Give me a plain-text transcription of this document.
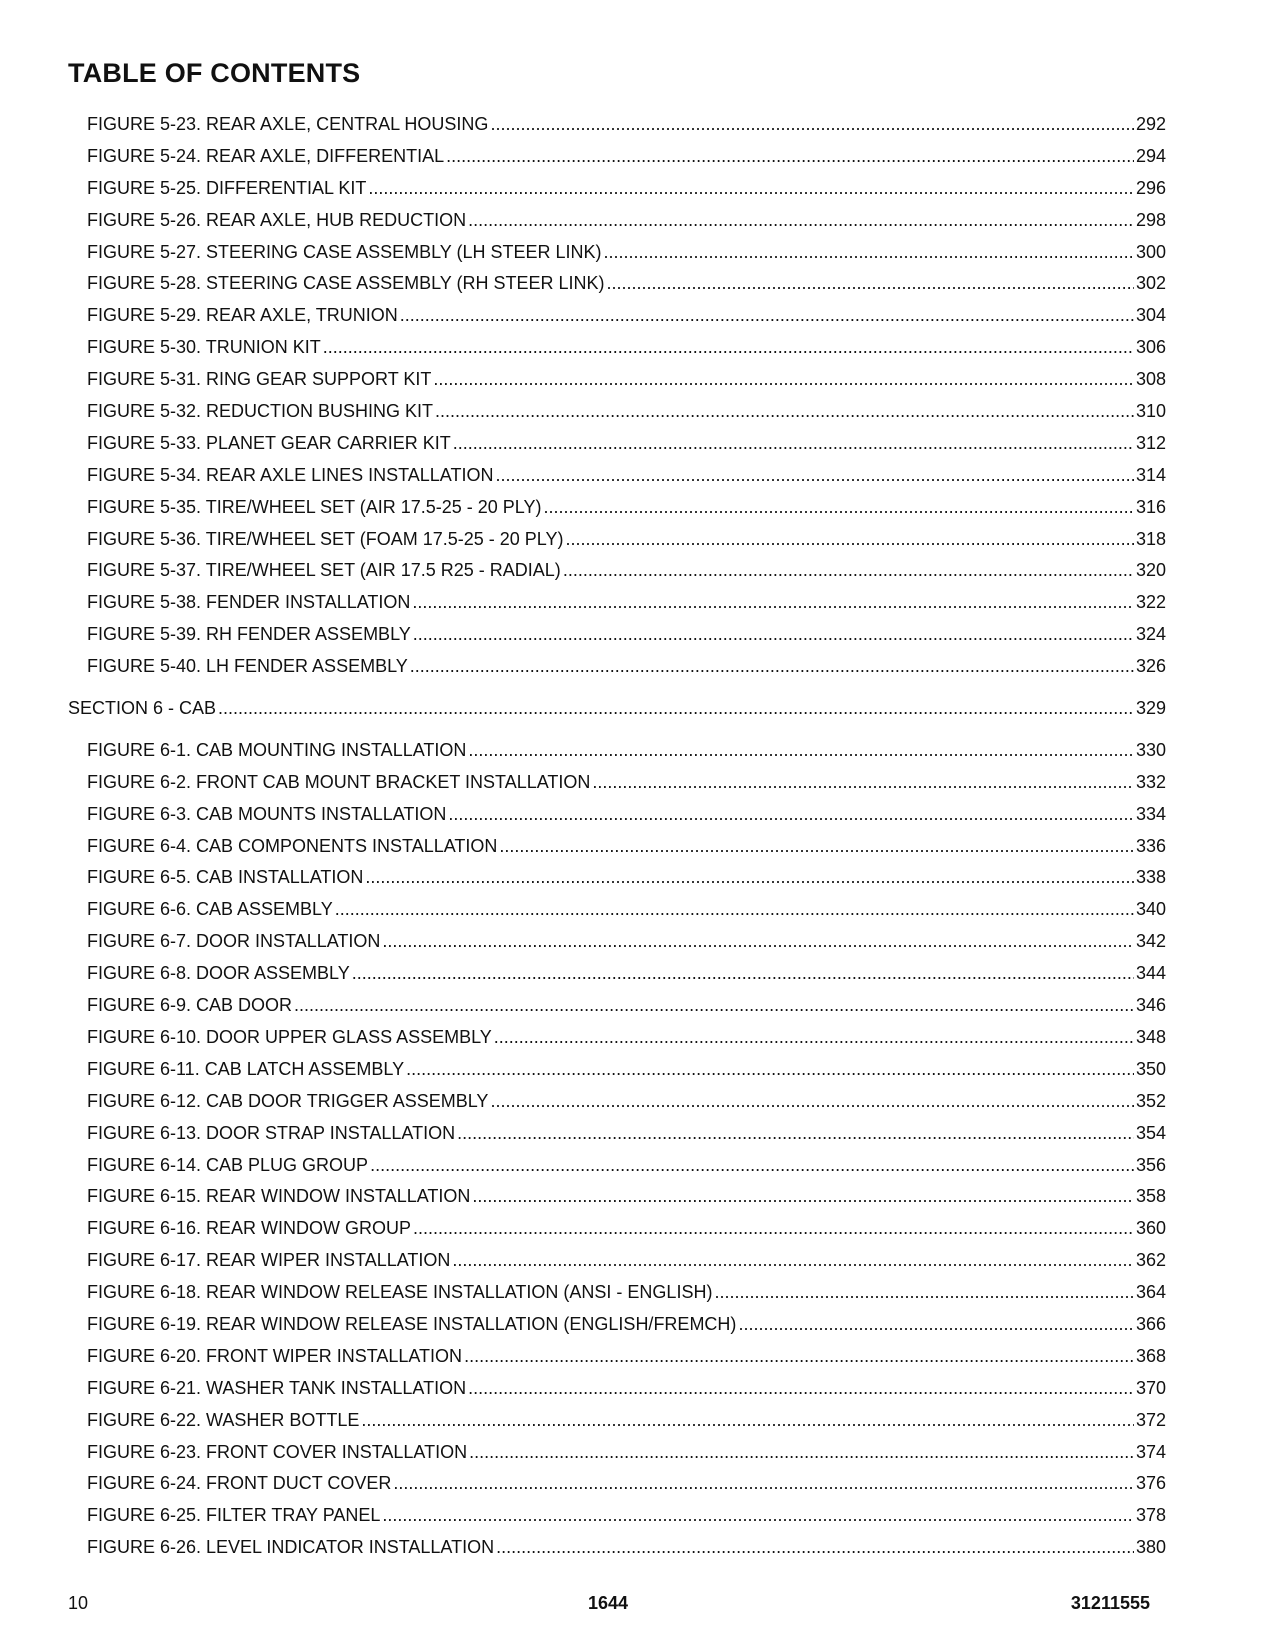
TABLE OF CONTENTS
FIGURE 5-23. REAR AXLE, CENTRAL HOUSING .....	292
FIGURE 5-24. REAR AXLE, DIFFERENTIAL .....	294
FIGURE 5-25. DIFFERENTIAL KIT .....	296
FIGURE 5-26. REAR AXLE, HUB REDUCTION .....	298
FIGURE 5-27. STEERING CASE ASSEMBLY (LH STEER LINK) .....	300
FIGURE 5-28. STEERING CASE ASSEMBLY (RH STEER LINK) .....	302
FIGURE 5-29. REAR AXLE, TRUNION .....	304
FIGURE 5-30. TRUNION KIT .....	306
FIGURE 5-31. RING GEAR SUPPORT KIT .....	308
FIGURE 5-32. REDUCTION BUSHING KIT .....	310
FIGURE 5-33. PLANET GEAR CARRIER KIT .....	312
FIGURE 5-34. REAR AXLE LINES INSTALLATION .....	314
FIGURE 5-35. TIRE/WHEEL SET (AIR 17.5-25 - 20 PLY) .....	316
FIGURE 5-36. TIRE/WHEEL SET (FOAM 17.5-25 - 20 PLY) .....	318
FIGURE 5-37. TIRE/WHEEL SET (AIR 17.5 R25 - RADIAL) .....	320
FIGURE 5-38. FENDER INSTALLATION .....	322
FIGURE 5-39. RH FENDER ASSEMBLY .....	324
FIGURE 5-40. LH FENDER ASSEMBLY .....	326
SECTION 6 - CAB .....	329
FIGURE 6-1. CAB MOUNTING INSTALLATION .....	330
FIGURE 6-2. FRONT CAB MOUNT BRACKET INSTALLATION .....	332
FIGURE 6-3. CAB MOUNTS INSTALLATION .....	334
FIGURE 6-4. CAB COMPONENTS INSTALLATION .....	336
FIGURE 6-5. CAB INSTALLATION .....	338
FIGURE 6-6. CAB ASSEMBLY .....	340
FIGURE 6-7. DOOR INSTALLATION .....	342
FIGURE 6-8. DOOR ASSEMBLY .....	344
FIGURE 6-9. CAB DOOR .....	346
FIGURE 6-10. DOOR UPPER GLASS ASSEMBLY .....	348
FIGURE 6-11. CAB LATCH ASSEMBLY .....	350
FIGURE 6-12. CAB DOOR TRIGGER ASSEMBLY .....	352
FIGURE 6-13. DOOR STRAP INSTALLATION .....	354
FIGURE 6-14. CAB PLUG GROUP .....	356
FIGURE 6-15. REAR WINDOW INSTALLATION .....	358
FIGURE 6-16. REAR WINDOW GROUP .....	360
FIGURE 6-17. REAR WIPER INSTALLATION .....	362
FIGURE 6-18. REAR WINDOW RELEASE INSTALLATION (ANSI - ENGLISH) .....	364
FIGURE 6-19. REAR WINDOW RELEASE INSTALLATION (ENGLISH/FREMCH) .....	366
FIGURE 6-20. FRONT WIPER INSTALLATION .....	368
FIGURE 6-21. WASHER TANK INSTALLATION .....	370
FIGURE 6-22. WASHER BOTTLE .....	372
FIGURE 6-23. FRONT COVER INSTALLATION .....	374
FIGURE 6-24. FRONT DUCT COVER .....	376
FIGURE 6-25. FILTER TRAY PANEL .....	378
FIGURE 6-26. LEVEL INDICATOR INSTALLATION .....	380
10	1644	31211555
